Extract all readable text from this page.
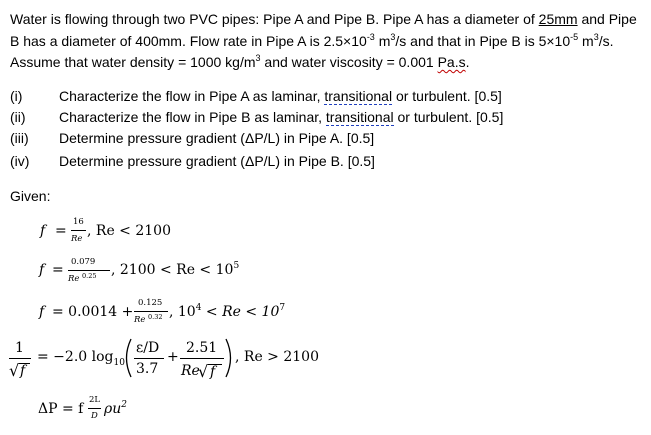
Water is flowing through two PVC pipes: Pipe A and Pipe B. Pipe A has a diameter of 25mm and Pipe B has a diameter of 400mm. Flow rate in Pipe A is $2.5\times 10^{-3}$ $m^3/s$ and that in Pipe B is $5\times 10^{-5}$ $m^3/s$. Assume that water density = 1000 $kg/m^3$ and water viscosity = 0.001 Pa.s.
(i)	Characterize the flow in Pipe A as laminar, transitional or turbulent. [0.5]
(ii) Characterize the flow in Pipe B as laminar, transitional or turbulent. [0.5]
(iii) Determine pressure gradient (ΔP/L) in Pipe A. [0.5]
(iv) Determine pressure gradient (ΔP/L) in Pipe B. [0.5]
Given:
f =
16
Re , Re < 2100
f = 0.079
Re 0.25 , $2100 < Re < 10^5$
f = 0.0014 +
0.125
Re 0.32 , $10^4 < Re < 10^7$
1
√ f
= −2.0 $\log_{10}$
ε/D
3.7
+
2.51
Re
√ f
, Re > 2100
ΔP = f
2L
D $\rho u^2$
